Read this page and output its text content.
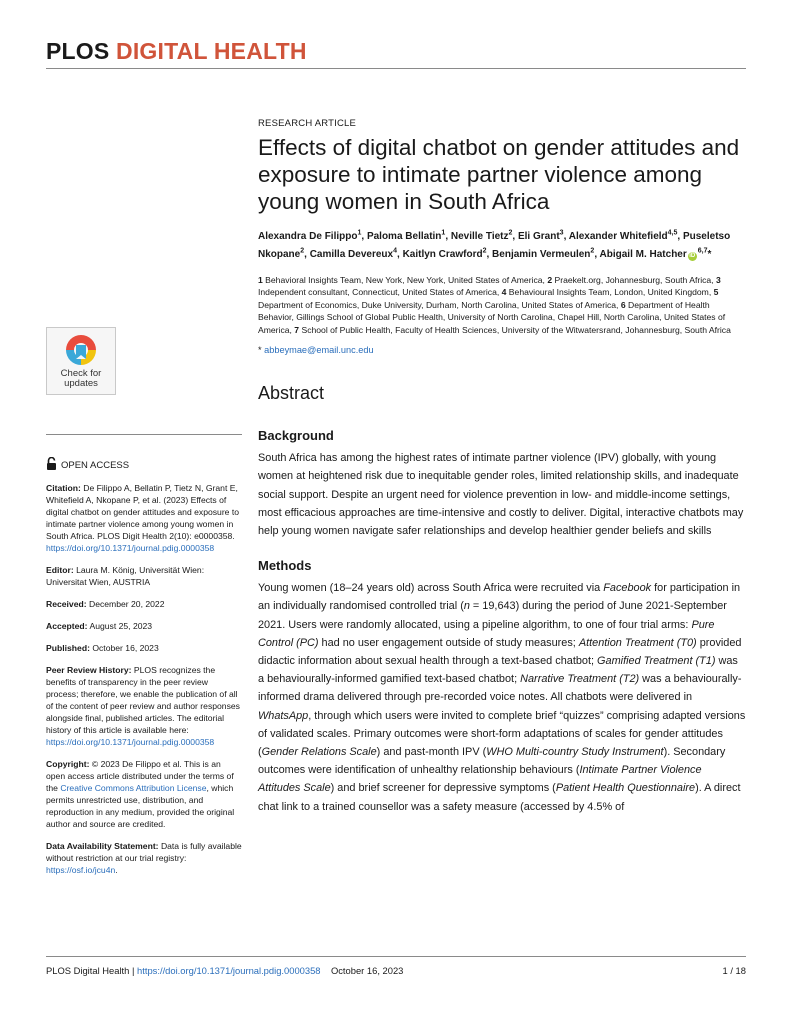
PLOS DIGITAL HEALTH
Check for
updates
OPEN ACCESS

Citation: De Filippo A, Bellatin P, Tietz N, Grant E, Whitefield A, Nkopane P, et al. (2023) Effects of digital chatbot on gender attitudes and exposure to intimate partner violence among young women in South Africa. PLOS Digit Health 2(10): e0000358. https://doi.org/10.1371/journal.pdig.0000358

Editor: Laura M. König, Universität Wien: Universitat Wien, AUSTRIA

Received: December 20, 2022

Accepted: August 25, 2023

Published: October 16, 2023

Peer Review History: PLOS recognizes the benefits of transparency in the peer review process; therefore, we enable the publication of all of the content of peer review and author responses alongside final, published articles. The editorial history of this article is available here: https://doi.org/10.1371/journal.pdig.0000358

Copyright: © 2023 De Filippo et al. This is an open access article distributed under the terms of the Creative Commons Attribution License, which permits unrestricted use, distribution, and reproduction in any medium, provided the original author and source are credited.

Data Availability Statement: Data is fully available without restriction at our trial registry: https://osf.io/jcu4n.

RESEARCH ARTICLE
Effects of digital chatbot on gender attitudes and exposure to intimate partner violence among young women in South Africa
Alexandra De Filippo$^1$, Paloma Bellatin$^1$, Neville Tietz$^2$, Eli Grant$^3$, Alexander Whitefield$^{4,5}$, Puseletso Nkopane$^2$, Camilla Devereux$^4$, Kaitlyn Crawford$^2$, Benjamin Vermeulen$^2$, Abigail M. Hatcher iD$^{6,7}$*
1 Behavioral Insights Team, New York, New York, United States of America, 2 Praekelt.org, Johannesburg, South Africa, 3 Independent consultant, Connecticut, United States of America, 4 Behavioural Insights Team, London, United Kingdom, 5 Department of Economics, Duke University, Durham, North Carolina, United States of America, 6 Department of Health Behavior, Gillings School of Global Public Health, University of North Carolina, Chapel Hill, North Carolina, United States of America, 7 School of Public Health, Faculty of Health Sciences, University of the Witwatersrand, Johannesburg, South Africa
* abbeymae@email.unc.edu
Abstract
Background

South Africa has among the highest rates of intimate partner violence (IPV) globally, with young women at heightened risk due to inequitable gender roles, limited relationship skills, and inadequate social support. Despite an urgent need for violence prevention in low- and middle-income settings, most efficacious approaches are time-intensive and costly to deliver. Digital, interactive chatbots may help young women navigate safer relationships and develop healthier gender beliefs and skills

Methods

Young women (18–24 years old) across South Africa were recruited via Facebook for participation in an individually randomised controlled trial (n = 19,643) during the period of June 2021-September 2021. Users were randomly allocated, using a pipeline algorithm, to one of four trial arms: Pure Control (PC) had no user engagement outside of study measures; Attention Treatment (T0) provided didactic information about sexual health through a text-based chatbot; Gamified Treatment (T1) was a behaviourally-informed gamified text-based chatbot; Narrative Treatment (T2) was a behaviourally-informed drama delivered through pre-recorded voice notes. All chatbots were delivered in WhatsApp, through which users were invited to complete brief “quizzes” comprising adapted versions of validated scales. Primary outcomes were short-form adaptations of scales for gender attitudes (Gender Relations Scale) and past-month IPV (WHO Multi-country Study Instrument). Secondary outcomes were identification of unhealthy relationship behaviours (Intimate Partner Violence Attitudes Scale) and brief screener for depressive symptoms (Patient Health Questionnaire). A direct chat link to a trained counsellor was a safety measure (accessed by 4.5% of

PLOS Digital Health | https://doi.org/10.1371/journal.pdig.0000358 October 16, 2023	1 / 18
